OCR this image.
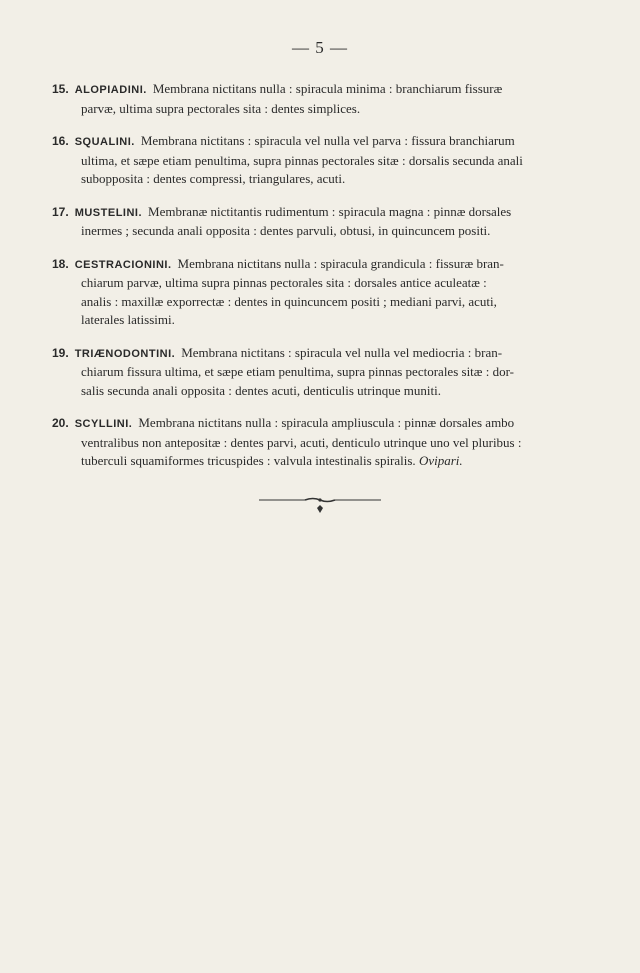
— 5 —
15. ALOPIADINI. Membrana nictitans nulla : spiracula minima : branchiarum fissuræ
parvæ, ultima supra pectorales sita : dentes simplices.
16. SQUALINI. Membrana nictitans : spiracula vel nulla vel parva : fissura branchiarum
ultima, et sæpe etiam penultima, supra pinnas pectorales sitæ : dorsalis secunda anali
subopposita : dentes compressi, triangulares, acuti.
17. MUSTELINI. Membranæ nictitantis rudimentum : spiracula magna : pinnæ dorsales
inermes ; secunda anali opposita : dentes parvuli, obtusi, in quincuncem positi.
18. CESTRACIONINI. Membrana nictitans nulla : spiracula grandicula : fissuræ bran-
chiarum parvæ, ultima supra pinnas pectorales sita : dorsales antice aculeatæ :
analis : maxillæ exporrectæ : dentes in quincuncem positi ; mediani parvi, acuti,
laterales latissimi.
19. TRIÆNODONTINI. Membrana nictitans : spiracula vel nulla vel mediocria : bran-
chiarum fissura ultima, et sæpe etiam penultima, supra pinnas pectorales sitæ : dor-
salis secunda anali opposita : dentes acuti, denticulis utrinque muniti.
20. SCYLLINI. Membrana nictitans nulla : spiracula ampliuscula : pinnæ dorsales ambo
ventralibus non antepositæ : dentes parvi, acuti, denticulo utrinque uno vel pluribus :
tuberculi squamiformes tricuspides : valvula intestinalis spiralis. Ovipari.
